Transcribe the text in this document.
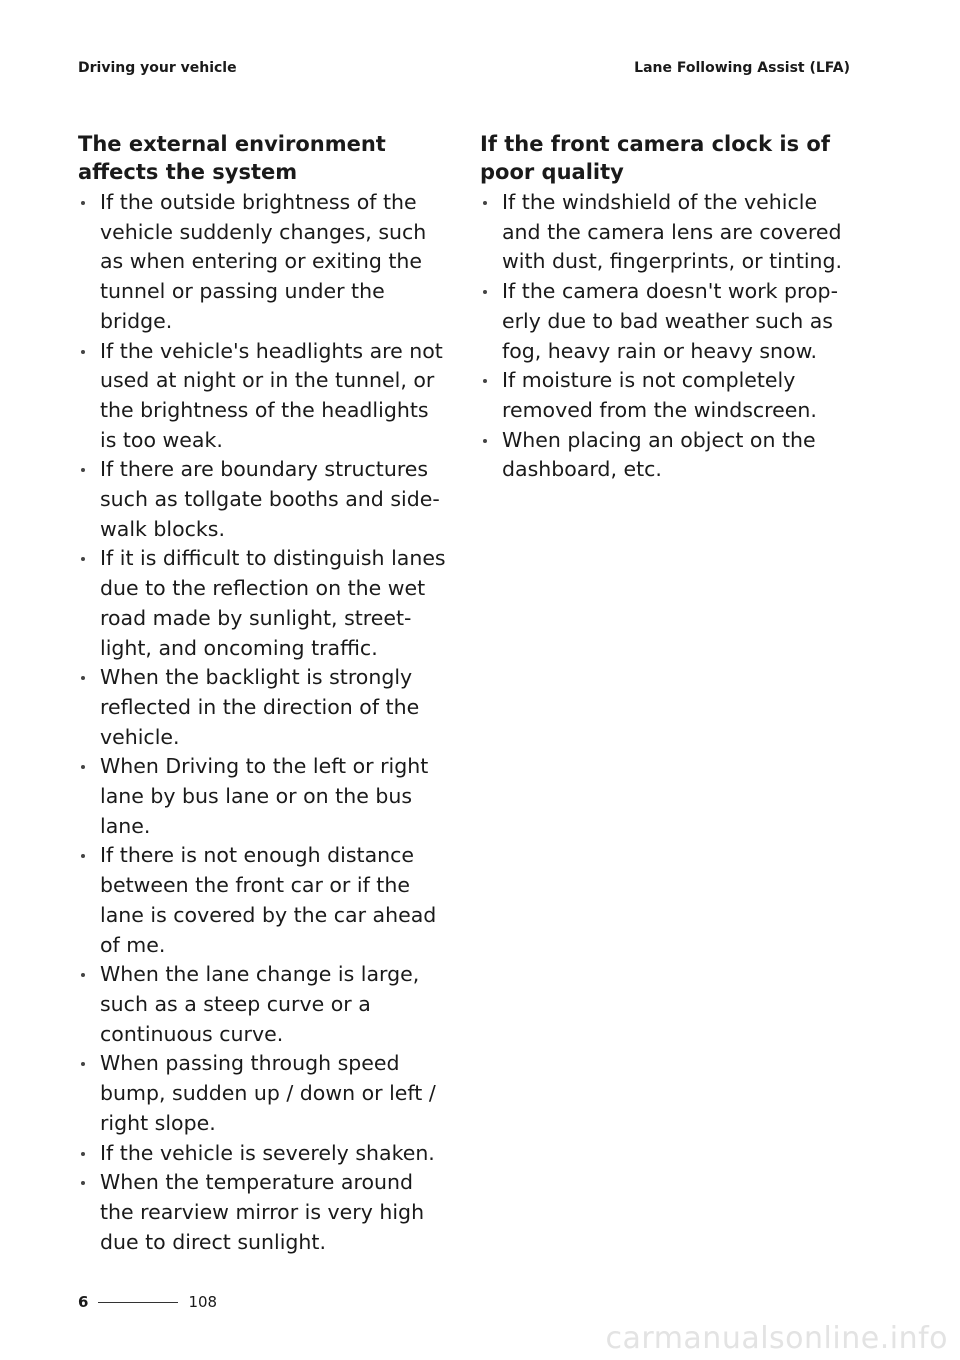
Driving your vehicle	Lane Following Assist (LFA)
The external environment affects the system
If the outside brightness of the vehicle suddenly changes, such as when entering or exiting the tunnel or passing under the bridge.
If the vehicle's headlights are not used at night or in the tunnel, or the brightness of the headlights is too weak.
If there are boundary structures such as tollgate booths and sidewalk blocks.
If it is difficult to distinguish lanes due to the reflection on the wet road made by sunlight, streetlight, and oncoming traffic.
When the backlight is strongly reflected in the direction of the vehicle.
When Driving to the left or right lane by bus lane or on the bus lane.
If there is not enough distance between the front car or if the lane is covered by the car ahead of me.
When the lane change is large, such as a steep curve or a continuous curve.
When passing through speed bump, sudden up / down or left / right slope.
If the vehicle is severely shaken.
When the temperature around the rearview mirror is very high due to direct sunlight.
If the front camera clock is of poor quality
If the windshield of the vehicle and the camera lens are covered with dust, fingerprints, or tinting.
If the camera doesn't work properly due to bad weather such as fog, heavy rain or heavy snow.
If moisture is not completely removed from the windscreen.
When placing an object on the dashboard, etc.
6	108
carmanualsonline.info
